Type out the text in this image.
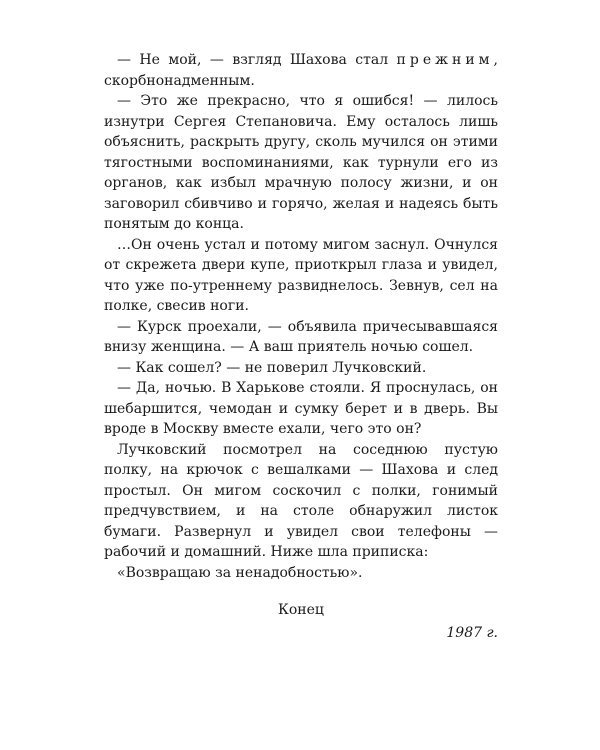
— Не мой, — взгляд Шахова стал прежним, скорбнонадменным.

— Это же прекрасно, что я ошибся! — лилось изнутри Сергея Степановича. Ему осталось лишь объяснить, раскрыть другу, сколь мучился он этими тягостными воспоминаниями, как турнули его из органов, как избыл мрачную полосу жизни, и он заговорил сбивчиво и горячо, желая и надеясь быть понятым до конца.

…Он очень устал и потому мигом заснул. Очнулся от скрежета двери купе, приоткрыл глаза и увидел, что уже по-утреннему развиднелось. Зевнув, сел на полке, свесив ноги.

— Курск проехали, — объявила причесывавшаяся внизу женщина. — А ваш приятель ночью сошел.

— Как сошел? — не поверил Лучковский.

— Да, ночью. В Харькове стояли. Я проснулась, он шебаршится, чемодан и сумку берет и в дверь. Вы вроде в Москву вместе ехали, чего это он?

Лучковский посмотрел на соседнюю пустую полку, на крючок с вешалками — Шахова и след простыл. Он мигом соскочил с полки, гонимый предчувствием, и на столе обнаружил листок бумаги. Развернул и увидел свои телефоны — рабочий и домашний. Ниже шла приписка:

«Возвращаю за ненадобностью».

Конец
1987 г.
